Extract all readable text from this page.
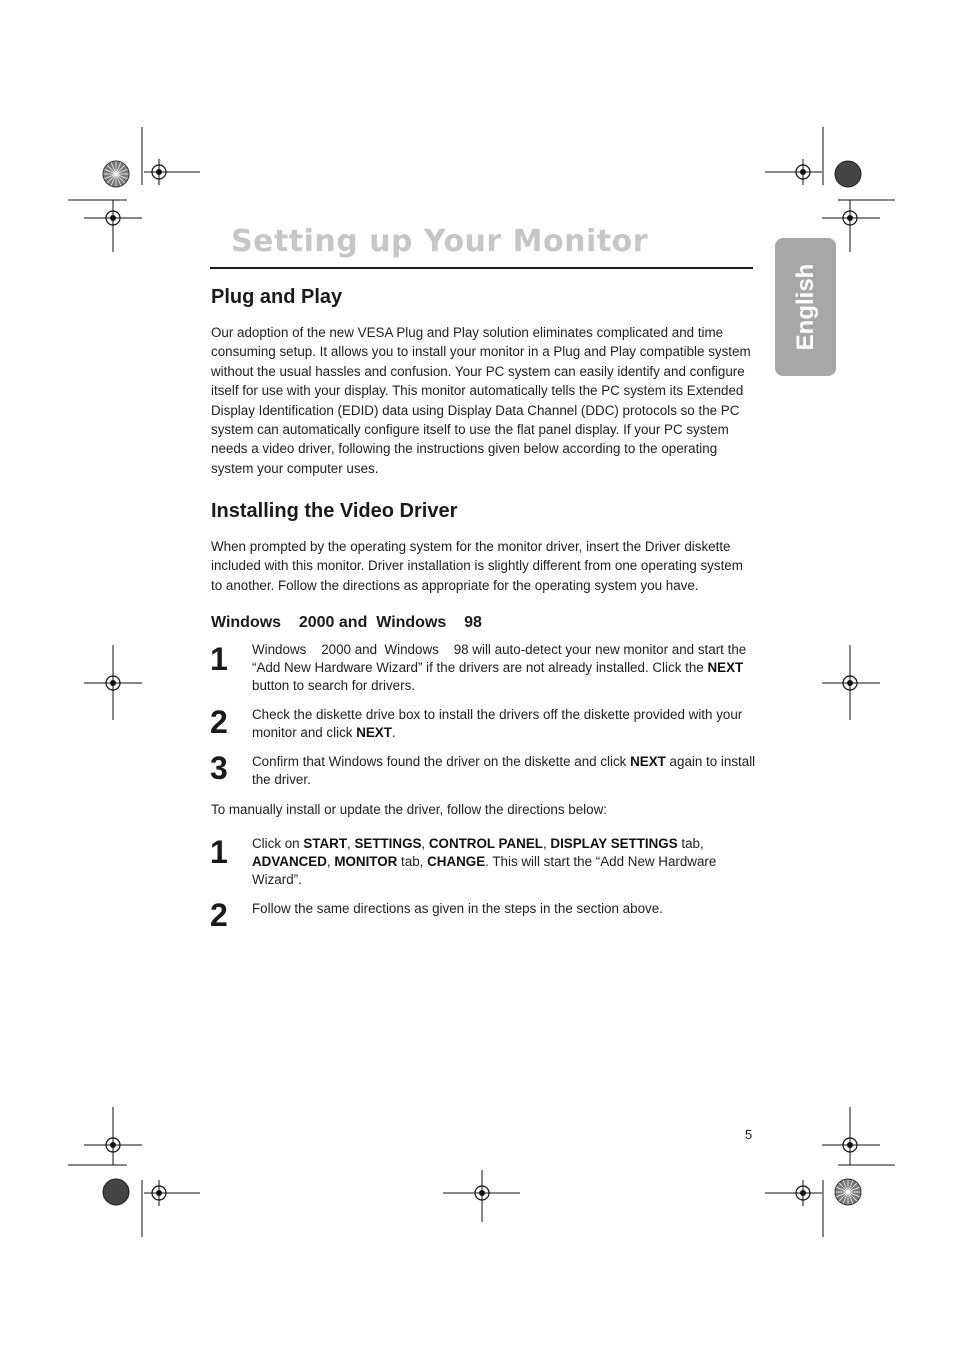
Setting up Your Monitor
English
Plug and Play

Our adoption of the new VESA Plug and Play solution eliminates complicated and time consuming setup. It allows you to install your monitor in a Plug and Play compatible system without the usual hassles and confusion. Your PC system can easily identify and configure itself for use with your display. This monitor automatically tells the PC system its Extended Display Identification (EDID) data using Display Data Channel (DDC) protocols so the PC system can automatically configure itself to use the flat panel display. If your PC system needs a video driver, following the instructions given below according to the operating system your computer uses.

Installing the Video Driver

When prompted by the operating system for the monitor driver, insert the Driver diskette included with this monitor. Driver installation is slightly different from one operating system to another. Follow the directions as appropriate for the operating system you have.

Windows    2000 and  Windows    98
1 Windows    2000 and  Windows    98 will auto-detect your new monitor and start the “Add New Hardware Wizard” if the drivers are not already installed. Click the NEXT button to search for drivers.

2 Check the diskette drive box to install the drivers off the diskette provided with your monitor and click NEXT.

3 Confirm that Windows found the driver on the diskette and click NEXT again to install the driver.

To manually install or update the driver, follow the directions below:

1 Click on START, SETTINGS, CONTROL PANEL, DISPLAY SETTINGS tab, ADVANCED, MONITOR tab, CHANGE. This will start the “Add New Hardware Wizard”.

2 Follow the same directions as given in the steps in the section above.

5
